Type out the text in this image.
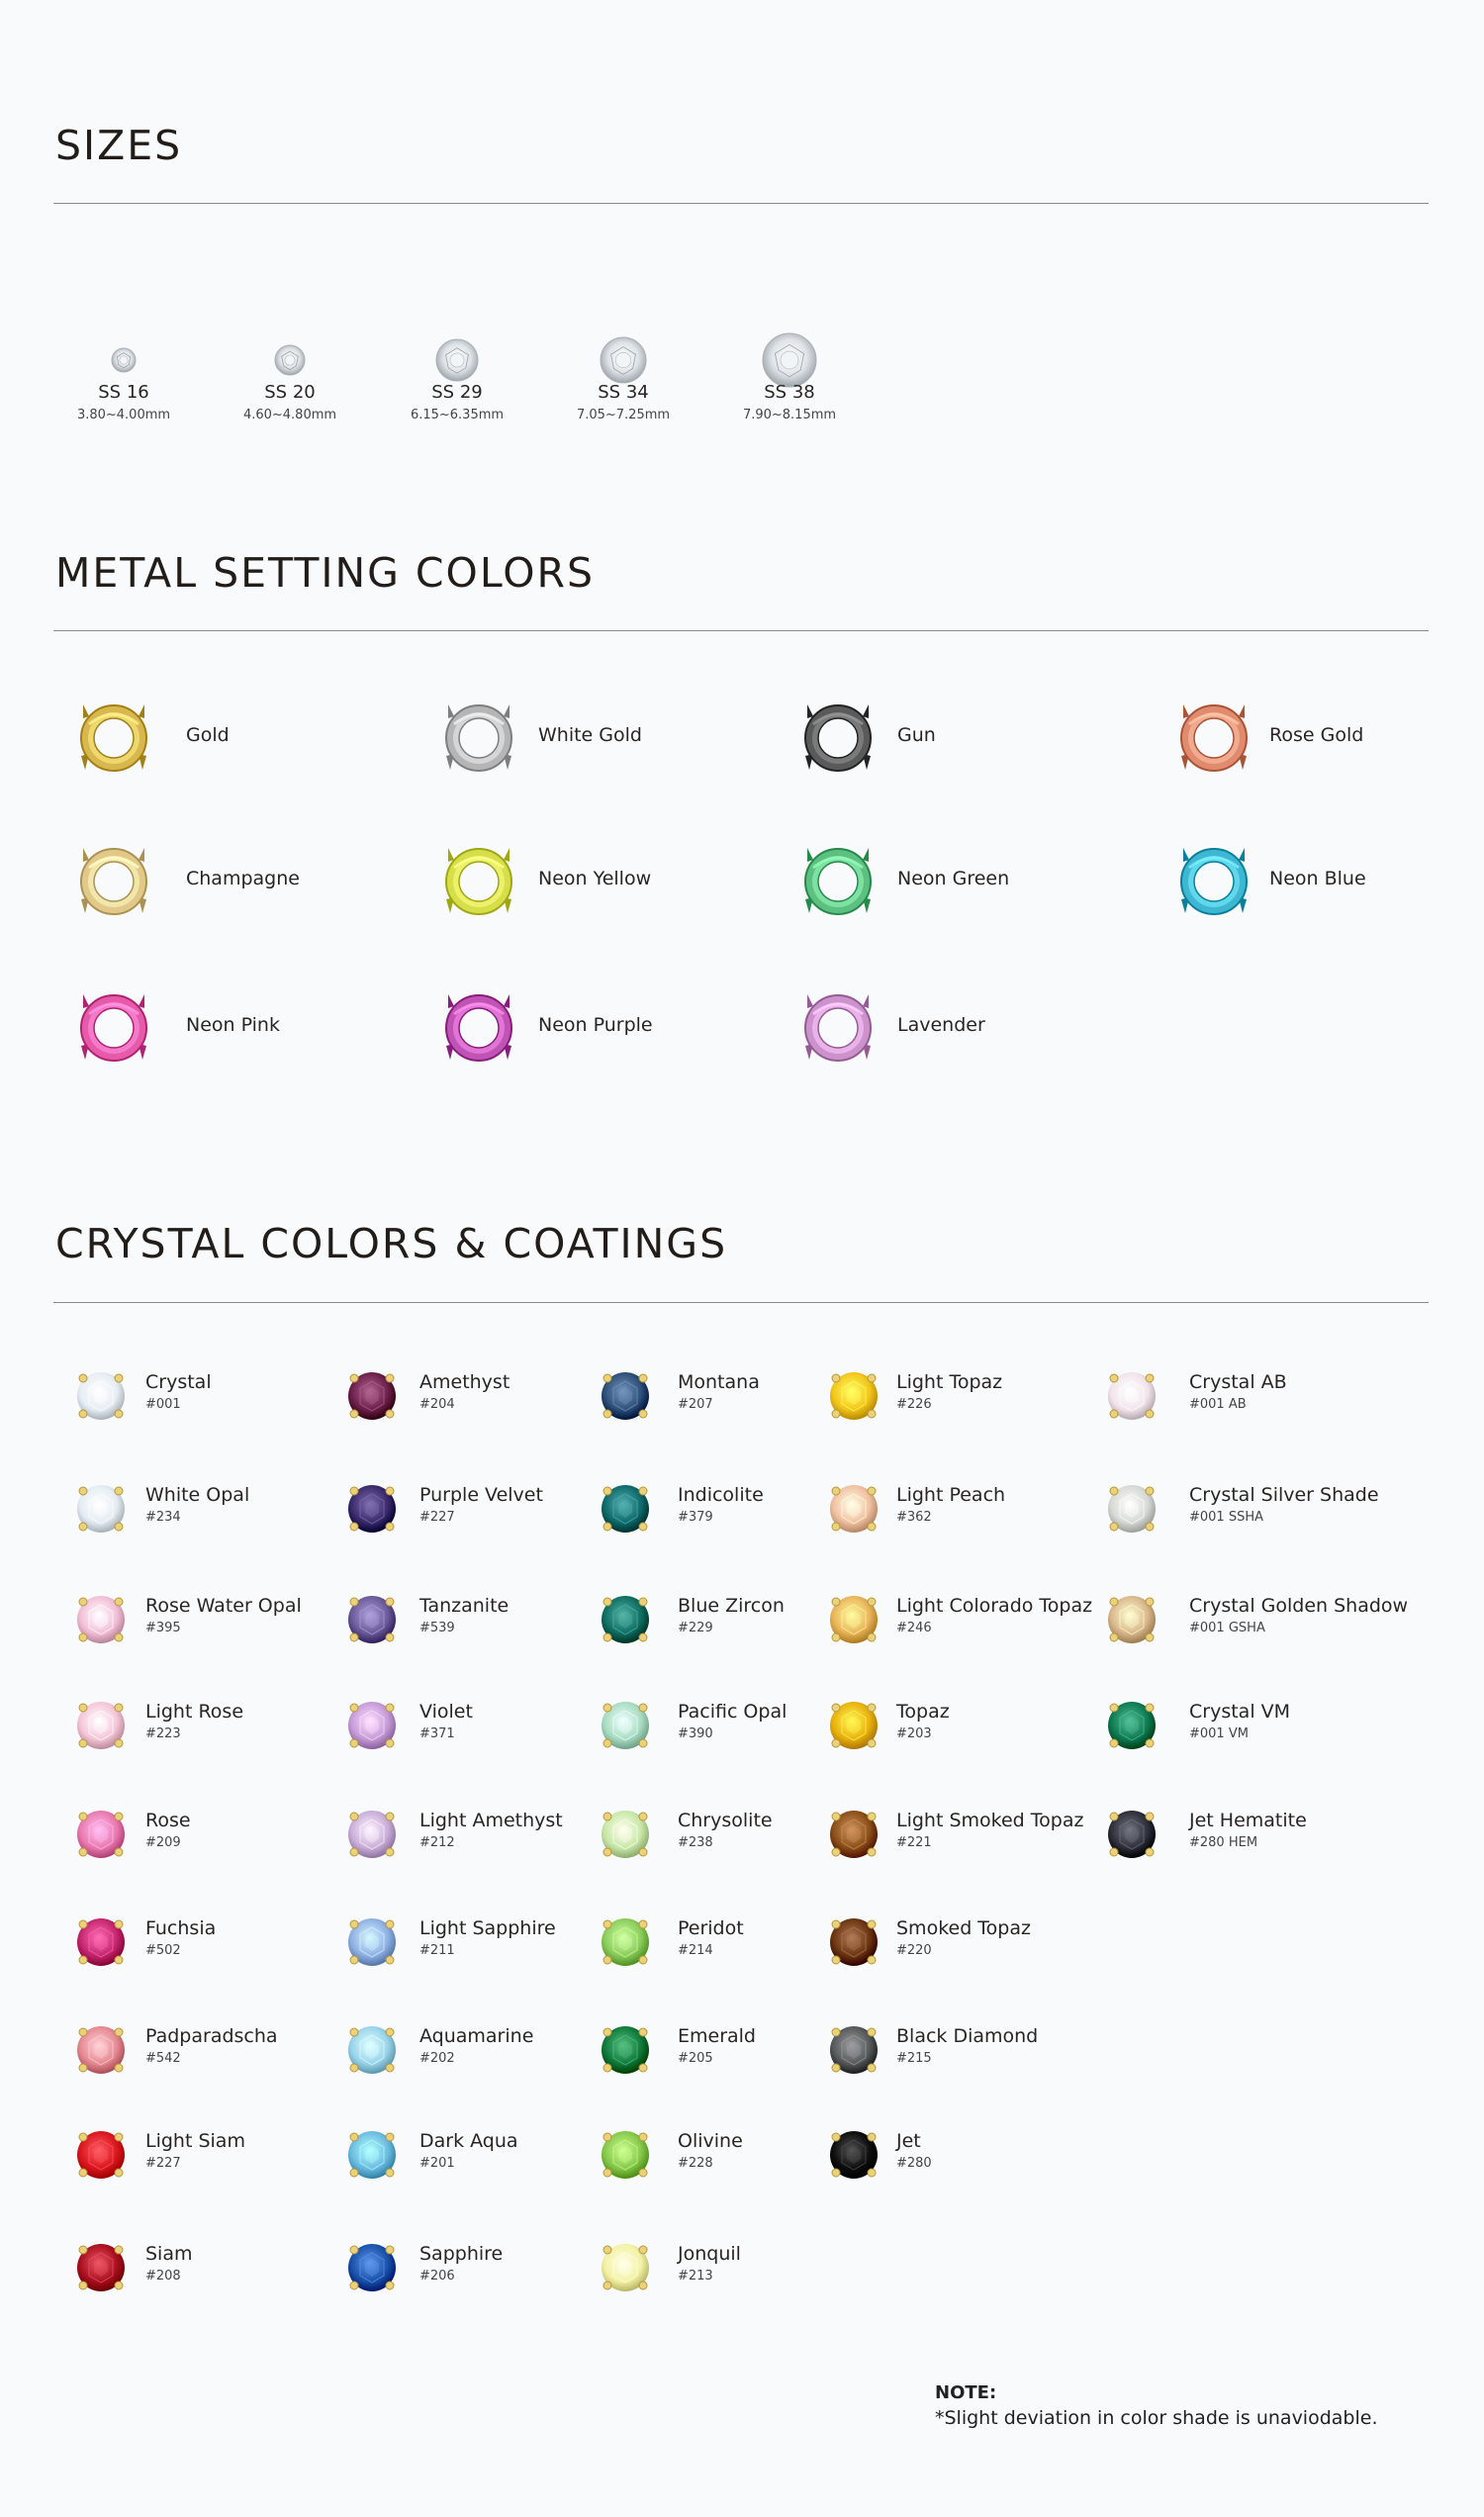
SIZES
SS 16
3.80~4.00mm
SS 20
4.60~4.80mm
SS 29
6.15~6.35mm
SS 34
7.05~7.25mm
SS 38
7.90~8.15mm
METAL SETTING COLORS
Gold	White Gold	Gun	Rose Gold
Champagne	Neon Yellow	Neon Green	Neon Blue
Neon Pink	Neon Purple	Lavender
CRYSTAL COLORS & COATINGS
Crystal
#001
White Opal
#234
Rose Water Opal
#395
Light Rose
#223
Rose
#209
Fuchsia
#502
Padparadscha
#542
Light Siam
#227
Siam
#208
Amethyst
#204
Purple Velvet
#227
Tanzanite
#539
Violet
#371
Light Amethyst
#212
Light Sapphire
#211
Aquamarine
#202
Dark Aqua
#201
Sapphire
#206
Montana
#207
Indicolite
#379
Blue Zircon
#229
Pacific Opal
#390
Chrysolite
#238
Peridot
#214
Emerald
#205
Olivine
#228
Jonquil
#213
Light Topaz
#226
Light Peach
#362
Light Colorado Topaz
#246
Topaz
#203
Light Smoked Topaz
#221
Smoked Topaz
#220
Black Diamond
#215
Jet
#280
Crystal AB
#001 AB
Crystal Silver Shade
#001 SSHA
Crystal Golden Shadow
#001 GSHA
Crystal VM
#001 VM
Jet Hematite
#280 HEM
NOTE:
*Slight deviation in color shade is unaviodable.
